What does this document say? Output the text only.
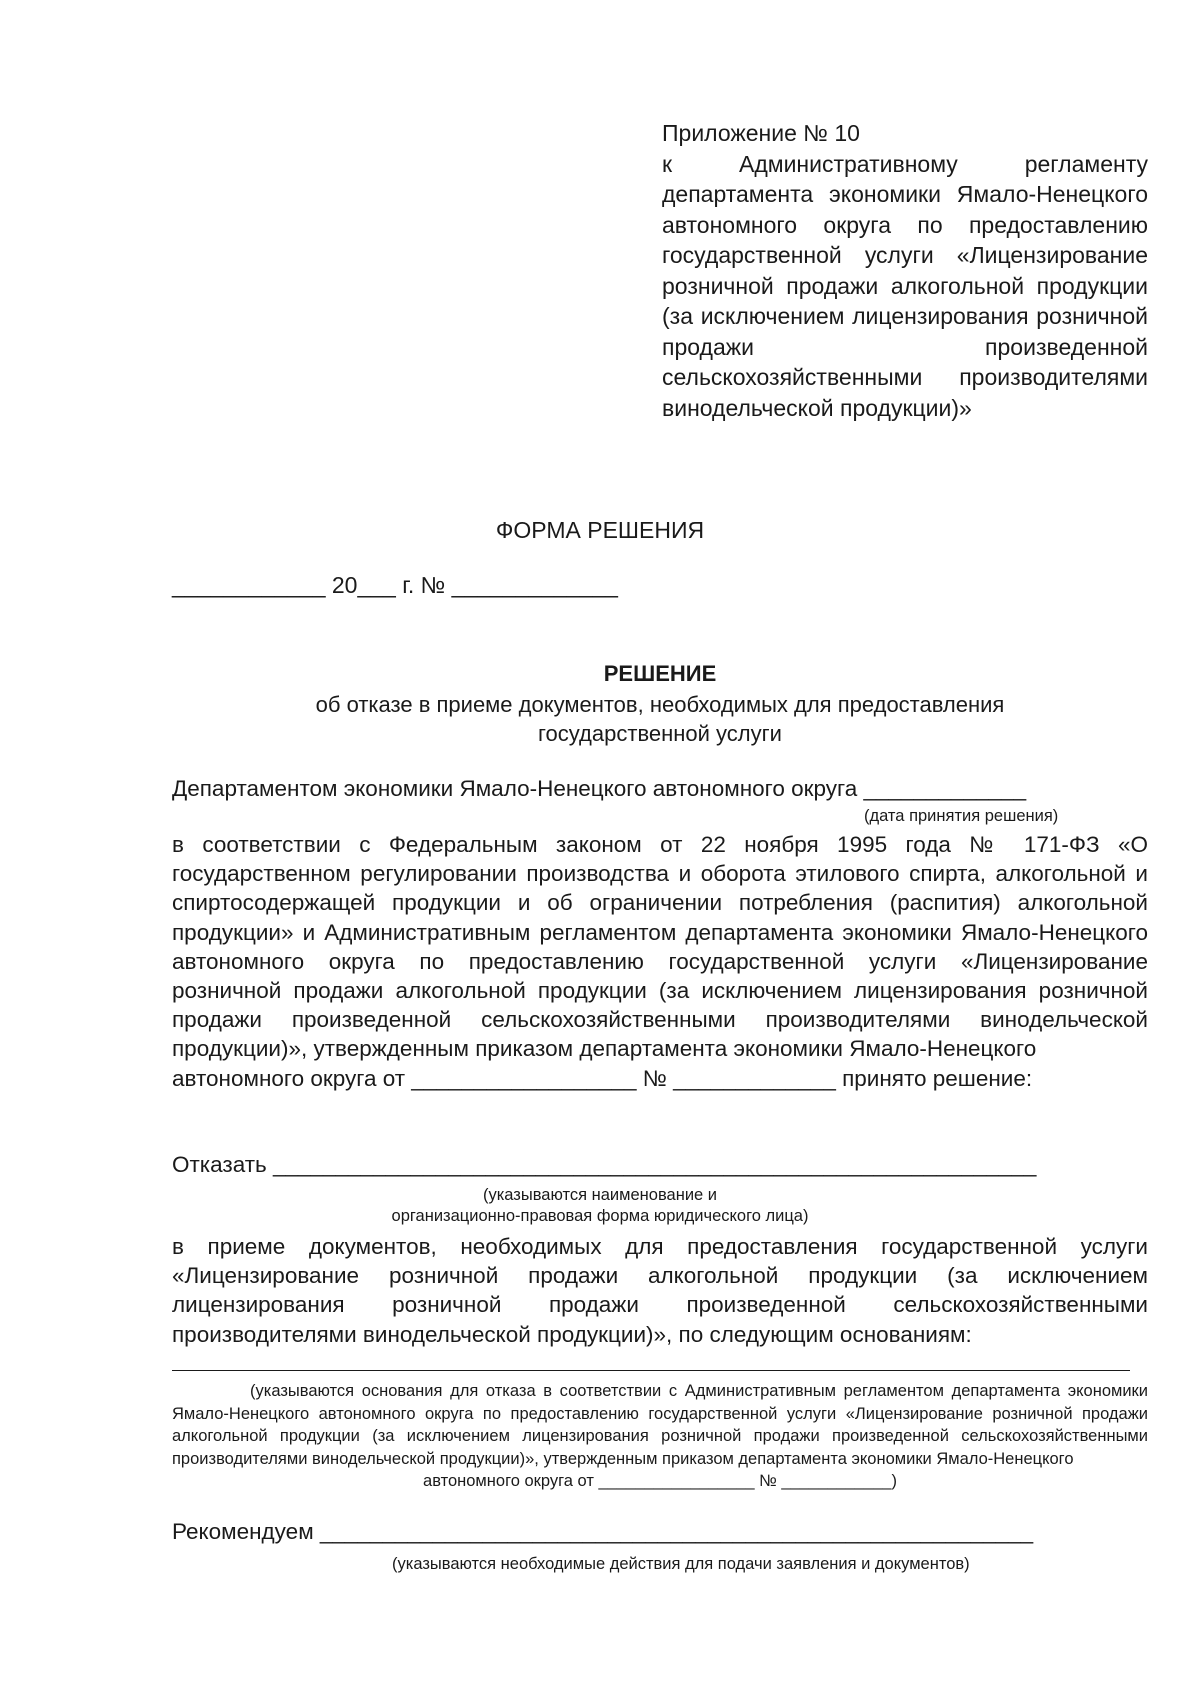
Приложение № 10
к Административному регламенту департамента экономики Ямало-Ненецкого автономного округа по предоставлению государственной услуги «Лицензирование розничной продажи алкогольной продукции (за исключением лицензирования розничной продажи произведенной сельскохозяйственными производителями винодельческой продукции)»
ФОРМА РЕШЕНИЯ
____________ 20___ г. № _____________
РЕШЕНИЕ
об отказе в приеме документов, необходимых для предоставления государственной услуги
Департаментом экономики Ямало-Ненецкого автономного округа _____________
(дата принятия решения)
в соответствии с Федеральным законом от 22 ноября 1995 года № 171-ФЗ «О государственном регулировании производства и оборота этилового спирта, алкогольной и спиртосодержащей продукции и об ограничении потребления (распития) алкогольной продукции» и Административным регламентом департамента экономики Ямало-Ненецкого автономного округа по предоставлению государственной услуги «Лицензирование розничной продажи алкогольной продукции (за исключением лицензирования розничной продажи произведенной сельскохозяйственными производителями винодельческой продукции)», утвержденным приказом департамента экономики Ямало-Ненецкого
автономного округа от __________________ № _____________ принято решение:
Отказать _____________________________________________________________
(указываются наименование и
организационно-правовая форма юридического лица)
в приеме документов, необходимых для предоставления государственной услуги «Лицензирование розничной продажи алкогольной продукции (за исключением лицензирования розничной продажи произведенной сельскохозяйственными производителями винодельческой продукции)», по следующим основаниям:
(указываются основания для отказа в соответствии с Административным регламентом департамента экономики Ямало-Ненецкого автономного округа по предоставлению государственной услуги «Лицензирование розничной продажи алкогольной продукции (за исключением лицензирования розничной продажи произведенной сельскохозяйственными производителями винодельческой продукции)», утвержденным приказом департамента экономики Ямало-Ненецкого
автономного округа от _________________ № ____________)
Рекомендуем _________________________________________________________
(указываются необходимые действия для подачи заявления и документов)
